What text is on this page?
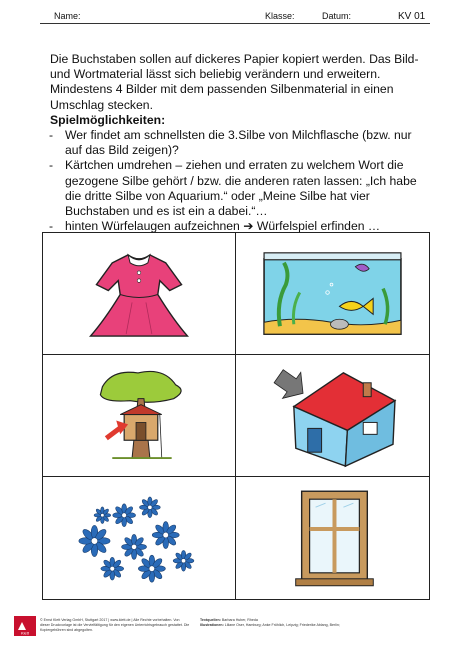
Name:	Klasse:	Datum:	KV 01

Die Buchstaben sollen auf dickeres Papier kopiert werden. Das Bild- und Wortmaterial lässt sich beliebig verändern und erweitern. Mindestens 4 Bilder mit dem passenden Silbenmaterial in einen Umschlag stecken.

Spielmöglichkeiten:

- Wer findet am schnellsten die 3.Silbe von Milchflasche (bzw. nur auf das Bild zeigen)?
- Kärtchen umdrehen – ziehen und erraten zu welchem Wort die gezogene Silbe gehört / bzw. die anderen raten lassen: „Ich habe die dritte Silbe von Aquarium.“ oder „Meine Silbe hat vier Buchstaben und es ist ein a dabei.“…
- hinten Würfelaugen aufzeichnen ➔ Würfelspiel erfinden …
Klett
© Ernst Klett Verlag GmbH, Stuttgart 2017 | www.klett.de | Alle Rechte vorbehalten. Von dieser Druckvorlage ist die Vervielfältigung für den eigenen Unterrichtsgebrauch gestattet. Die Kopiergebühren sind abgegolten.
Textquellen: Barbara Huber, Rheda
Illustrationen: Liliane Oser, Hamburg; Anke Fröhlich, Leipzig; Friederike Ablang, Berlin;
